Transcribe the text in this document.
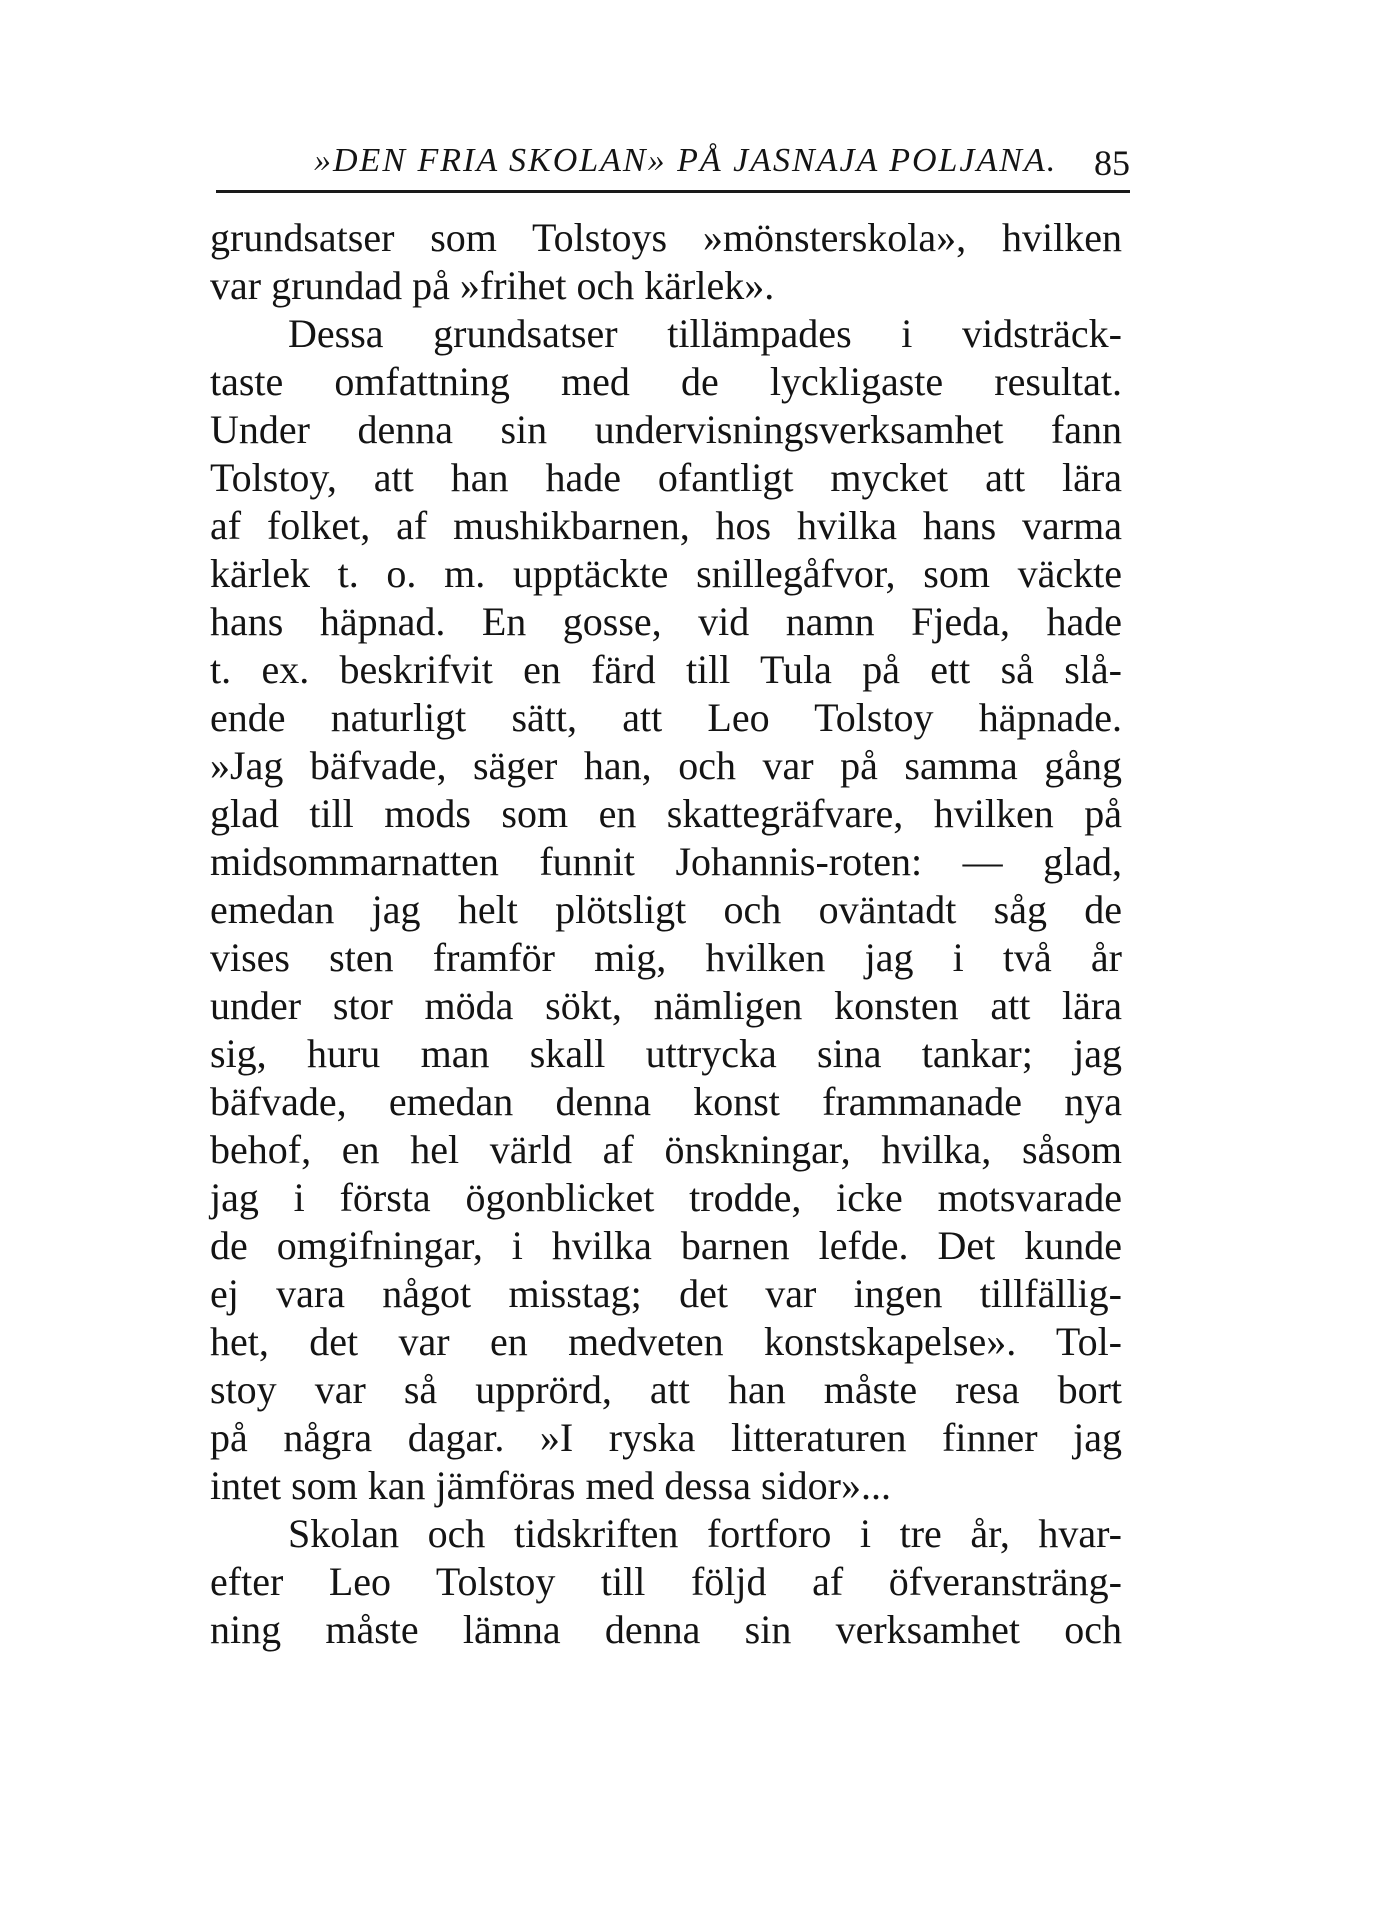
»DEN FRIA SKOLAN» PÅ JASNAJA POLJANA. 85
grundsatser som Tolstoys »mönsterskola», hvilken
var grundad på »frihet och kärlek».
Dessa grundsatser tillämpades i vidsträck-
taste omfattning med de lyckligaste resultat.
Under denna sin undervisningsverksamhet fann
Tolstoy, att han hade ofantligt mycket att lära
af folket, af mushikbarnen, hos hvilka hans varma
kärlek t. o. m. upptäckte snillegåfvor, som väckte
hans häpnad. En gosse, vid namn Fjeda, hade
t. ex. beskrifvit en färd till Tula på ett så slå-
ende naturligt sätt, att Leo Tolstoy häpnade.
»Jag bäfvade, säger han, och var på samma gång
glad till mods som en skattegräfvare, hvilken på
midsommarnatten funnit Johannis-roten: — glad,
emedan jag helt plötsligt och oväntadt såg de
vises sten framför mig, hvilken jag i två år
under stor möda sökt, nämligen konsten att lära
sig, huru man skall uttrycka sina tankar; jag
bäfvade, emedan denna konst frammanade nya
behof, en hel värld af önskningar, hvilka, såsom
jag i första ögonblicket trodde, icke motsvarade
de omgifningar, i hvilka barnen lefde. Det kunde
ej vara något misstag; det var ingen tillfällig-
het, det var en medveten konstskapelse». Tol-
stoy var så upprörd, att han måste resa bort
på några dagar. »I ryska litteraturen finner jag
intet som kan jämföras med dessa sidor»...
Skolan och tidskriften fortforo i tre år, hvar-
efter Leo Tolstoy till följd af öfveransträng-
ning måste lämna denna sin verksamhet och
